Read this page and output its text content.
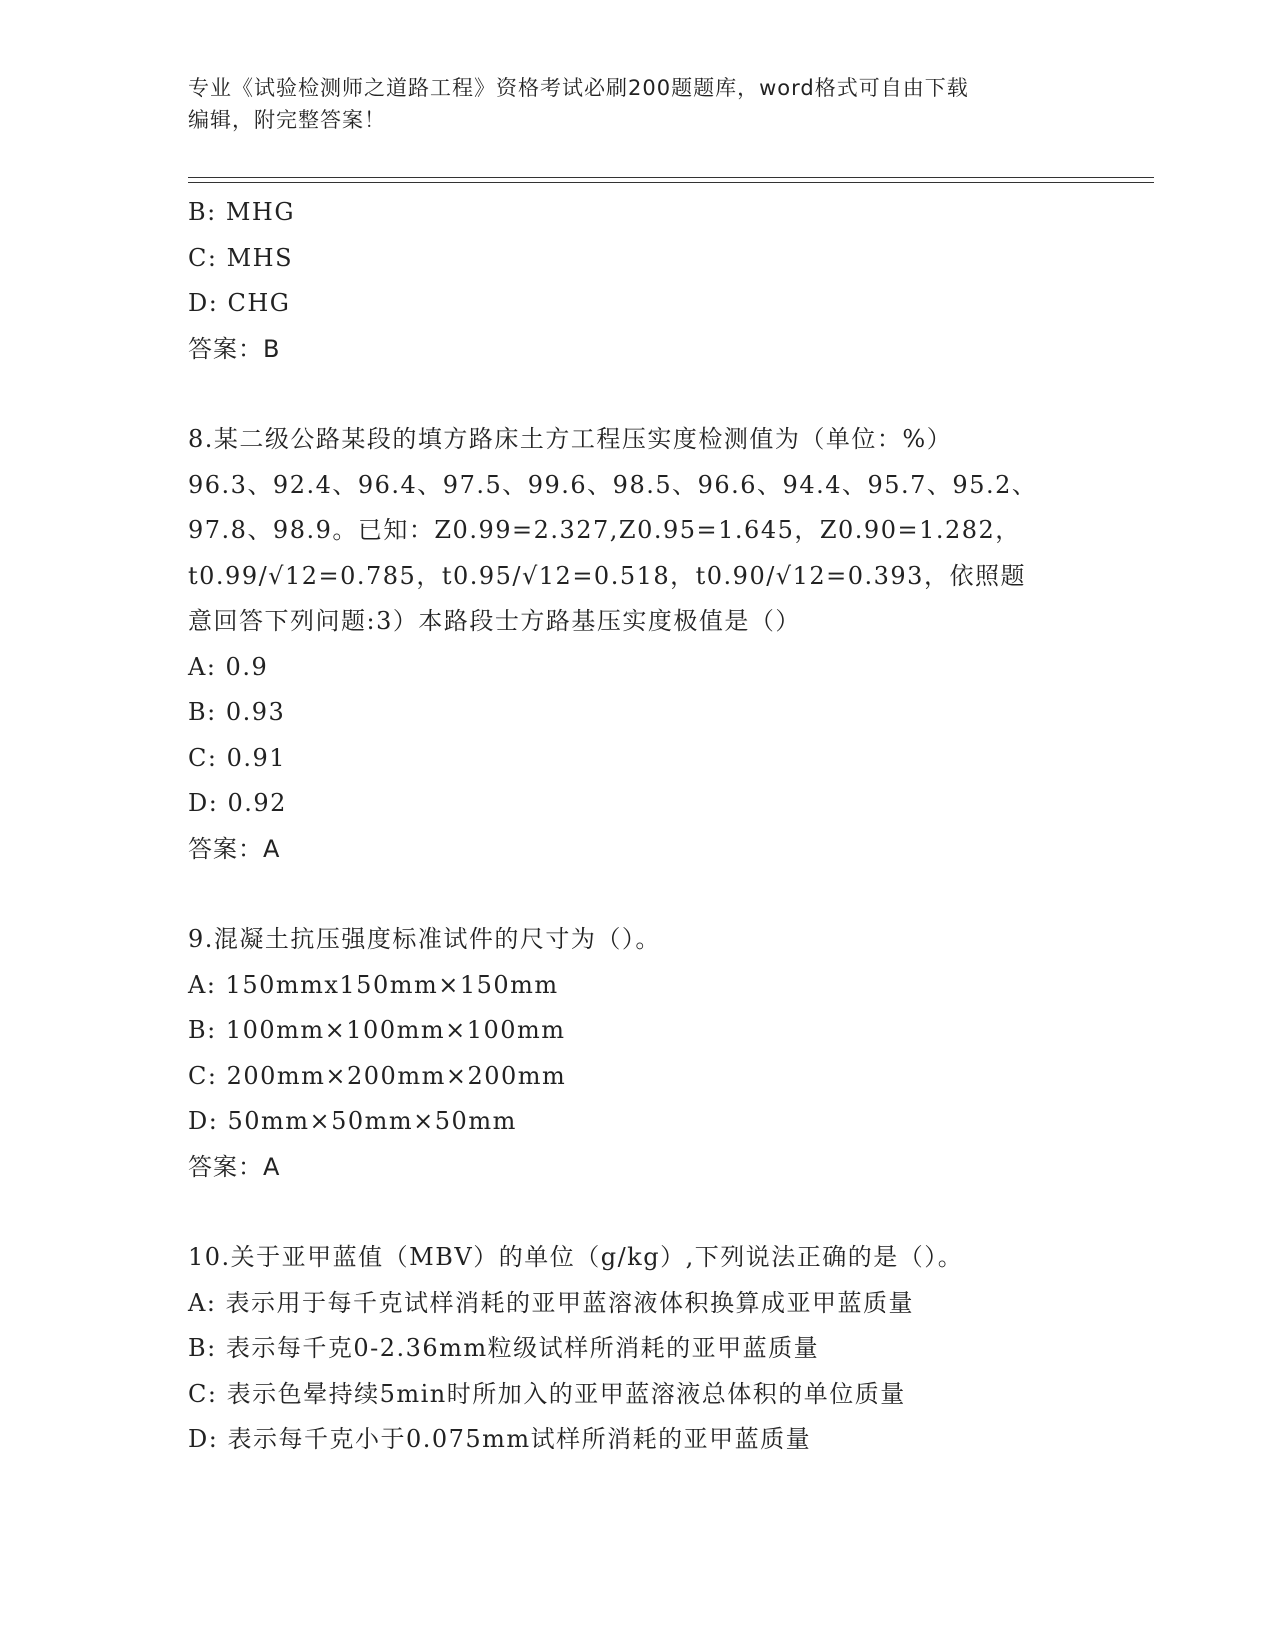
专业《试验检测师之道路工程》资格考试必刷200题题库，word格式可自由下载
编辑，附完整答案！
B: MHG
C: MHS
D: CHG
答案：B
8.某二级公路某段的填方路床土方工程压实度检测值为（单位：%）
96.3、92.4、96.4、97.5、99.6、98.5、96.6、94.4、95.7、95.2、
97.8、98.9。已知：Z0.99=2.327,Z0.95=1.645，Z0.90=1.282，
t0.99/√12=0.785，t0.95/√12=0.518，t0.90/√12=0.393，依照题
意回答下列问题:3）本路段士方路基压实度极值是（）
A: 0.9
B: 0.93
C: 0.91
D: 0.92
答案：A
9.混凝土抗压强度标准试件的尺寸为（）。
A: 150mmx150mm×150mm
B: 100mm×100mm×100mm
C: 200mm×200mm×200mm
D: 50mm×50mm×50mm
答案：A
10.关于亚甲蓝值（MBV）的单位（g/kg）,下列说法正确的是（）。
A: 表示用于每千克试样消耗的亚甲蓝溶液体积换算成亚甲蓝质量
B: 表示每千克0-2.36mm粒级试样所消耗的亚甲蓝质量
C: 表示色晕持续5min时所加入的亚甲蓝溶液总体积的单位质量
D: 表示每千克小于0.075mm试样所消耗的亚甲蓝质量
